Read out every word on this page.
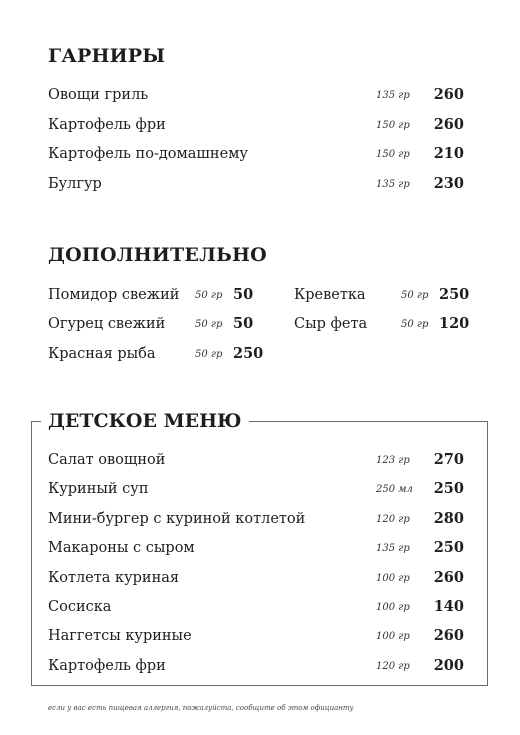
ГАРНИРЫ
Овощи гриль	135 гр 260
Картофель фри	150 гр 260
Картофель по-домашнему	150 гр 210
Булгур	135 гр 230
ДОПОЛНИТЕЛЬНО
Помидор свежий 50 гр 50
Огурец свежий	50 гр 50
Красная рыба	50 гр 250
Креветка	50 гр 250
Сыр фета	50 гр 120
ДЕТСКОЕ МЕНЮ
Салат овощной	123 гр 270
Куриный суп	250 мл 250
Мини-бургер с куриной котлетой	120 гр 280
Макароны с сыром	135 гр 250
Котлета куриная	100 гр 260
Сосиска	100 гр 140
Наггетсы куриные	100 гр 260
Картофель фри	120 гр 200
если у вас есть пищевая аллергия, пожалуйста, сообщите об этом официанту
